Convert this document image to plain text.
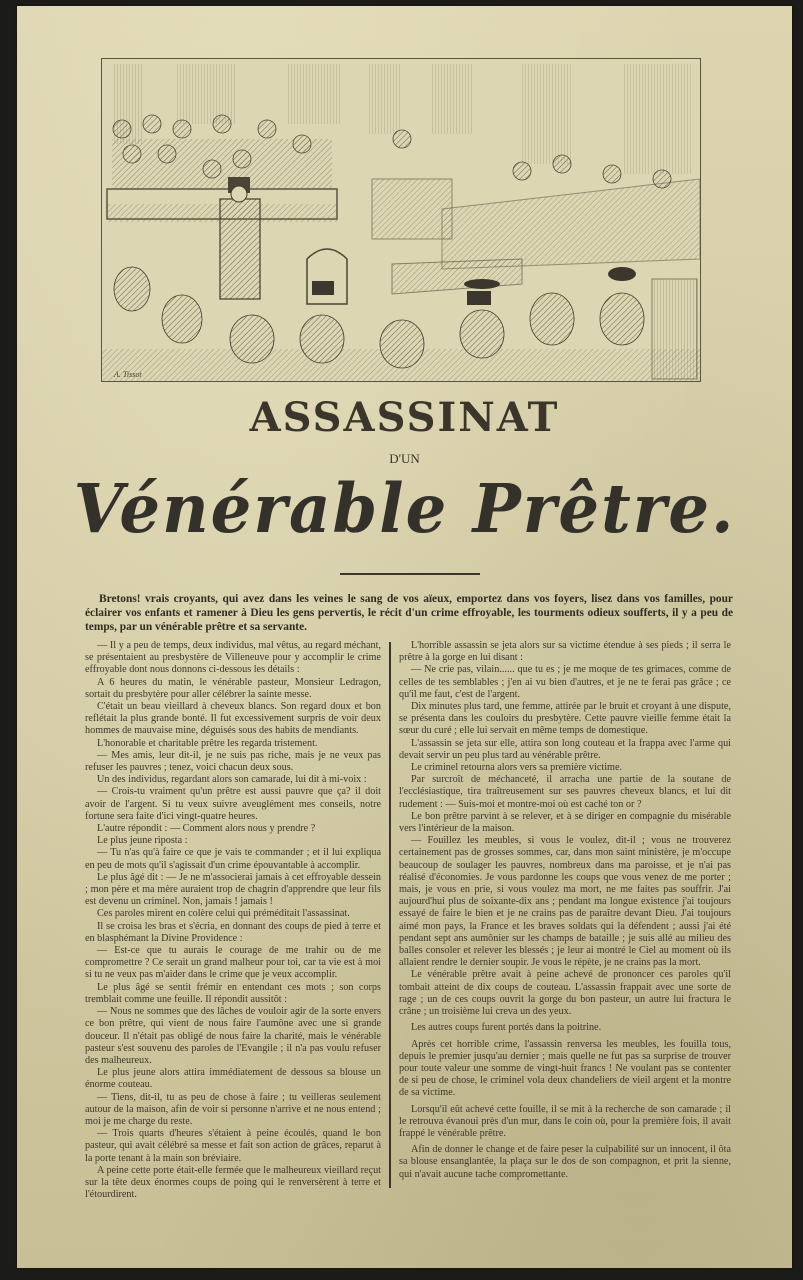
A. Tissot
ASSASSINAT
D'UN
Vénérable Prêtre.
Bretons! vrais croyants, qui avez dans les veines le sang de vos aïeux, emportez dans vos foyers, lisez dans vos familles, pour éclairer vos enfants et ramener à Dieu les gens pervertis, le récit d'un crime effroyable, les tourments odieux soufferts, il y a peu de temps, par un vénérable prêtre et sa servante.

— Il y a peu de temps, deux individus, mal vêtus, au regard méchant, se présentaient au presbystère de Villeneuve pour y accomplir le crime effroyable dont nous donnons ci-dessous les détails :

A 6 heures du matin, le vénérable pasteur, Monsieur Ledragon, sortait du presbytère pour aller célébrer la sainte messe.

C'était un beau vieillard à cheveux blancs. Son regard doux et bon reflétait la plus grande bonté. Il fut excessivement surpris de voir deux hommes de mauvaise mine, déguisés sous des habits de mendiants.

L'honorable et charitable prêtre les regarda tristement.

— Mes amis, leur dit-il, je ne suis pas riche, mais je ne veux pas refuser les pauvres ; tenez, voici chacun deux sous.

Un des individus, regardant alors son camarade, lui dit à mi-voix :

— Crois-tu vraiment qu'un prêtre est aussi pauvre que ça? il doit avoir de l'argent. Si tu veux suivre aveuglément mes conseils, notre fortune sera faite d'ici vingt-quatre heures.

L'autre répondit : — Comment alors nous y prendre ?

Le plus jeune riposta :

— Tu n'as qu'à faire ce que je vais te commander ; et il lui expliqua en peu de mots qu'il s'agissait d'un crime épouvantable à accomplir.

Le plus âgé dit : — Je ne m'associerai jamais à cet effroyable dessein ; mon père et ma mère auraient trop de chagrin d'apprendre que leur fils est devenu un criminel. Non, jamais ! jamais !

Ces paroles mirent en colère celui qui préméditait l'assassinat.

Il se croisa les bras et s'écria, en donnant des coups de pied à terre et en blasphémant la Divine Providence :

— Est-ce que tu aurais le courage de me trahir ou de me compromettre ? Ce serait un grand malheur pour toi, car ta vie est à moi si tu ne veux pas m'aider dans le crime que je veux accomplir.

Le plus âgé se sentit frémir en entendant ces mots ; son corps tremblait comme une feuille. Il répondit aussitôt :

— Nous ne sommes que des lâches de vouloir agir de la sorte envers ce bon prêtre, qui vient de nous faire l'aumône avec une si grande douceur. Il n'était pas obligé de nous faire la charité, mais le vénérable pasteur s'est souvenu des paroles de l'Evangile ; il n'a pas voulu refuser des malheureux.

Le plus jeune alors attira immédiatement de dessous sa blouse un énorme couteau.

— Tiens, dit-il, tu as peu de chose à faire ; tu veilleras seulement autour de la maison, afin de voir si personne n'arrive et ne nous entend ; moi je me charge du reste.

— Trois quarts d'heures s'étaient à peine écoulés, quand le bon pasteur, qui avait célébré sa messe et fait son action de grâces, reparut à la porte tenant à la main son bréviaire.

A peine cette porte était-elle fermée que le malheureux vieillard reçut sur la tête deux énormes coups de poing qui le renversèrent à terre et l'étourdirent.

L'horrible assassin se jeta alors sur sa victime étendue à ses pieds ; il serra le prêtre à la gorge en lui disant :

— Ne crie pas, vilain...... que tu es ; je me moque de tes grimaces, comme de celles de tes semblables ; j'en ai vu bien d'autres, et je ne te ferai pas grâce ; ce qu'il me faut, c'est de l'argent.

Dix minutes plus tard, une femme, attirée par le bruit et croyant à une dispute, se présenta dans les couloirs du presbytère. Cette pauvre vieille femme était la sœur du curé ; elle lui servait en même temps de domestique.

L'assassin se jeta sur elle, attira son long couteau et la frappa avec l'arme qui devait servir un peu plus tard au vénérable prêtre.

Le criminel retourna alors vers sa première victime.

Par surcroît de méchanceté, il arracha une partie de la soutane de l'ecclésiastique, tira traîtreusement sur ses pauvres cheveux blancs, et lui dit rudement : — Suis-moi et montre-moi où est caché ton or ?

Le bon prêtre parvint à se relever, et à se diriger en compagnie du misérable vers l'intérieur de la maison.

— Fouillez les meubles, si vous le voulez, dit-il ; vous ne trouverez certainement pas de grosses sommes, car, dans mon saint ministère, je m'occupe beaucoup de soulager les pauvres, nombreux dans ma paroisse, et je n'ai pas réalisé d'économies. Je vous pardonne les coups que vous venez de me porter ; mais, je vous en prie, si vous voulez ma mort, ne me faites pas souffrir. J'ai aujourd'hui plus de soixante-dix ans ; pendant ma longue existence j'ai toujours essayé de faire le bien et je ne crains pas de paraître devant Dieu. J'ai toujours aimé mon pays, la France et les braves soldats qui la défendent ; aussi j'ai été pendant sept ans aumônier sur les champs de bataille ; je suis allé au milieu des balles consoler et relever les blessés ; je leur ai montré le Ciel au moment où ils allaient rendre le dernier soupir. Je vous le répète, je ne crains pas la mort.

Le vénérable prêtre avait à peine achevé de prononcer ces paroles qu'il tombait atteint de dix coups de couteau. L'assassin frappait avec une sorte de rage ; un de ces coups ouvrit la gorge du bon pasteur, un autre lui fractura le crâne ; un troisième lui creva un des yeux.

Les autres coups furent portés dans la poitrine.

Après cet horrible crime, l'assassin renversa les meubles, les fouilla tous, depuis le premier jusqu'au dernier ; mais quelle ne fut pas sa surprise de trouver pour toute valeur une somme de vingt-huit francs ! Ne voulant pas se contenter de si peu de chose, le criminel vola deux chandeliers de vieil argent et la montre de sa victime.

Lorsqu'il eût achevé cette fouille, il se mit à la recherche de son camarade ; il le retrouva évanoui près d'un mur, dans le coin où, pour la première fois, il avait frappé le vénérable prêtre.

Afin de donner le change et de faire peser la culpabilité sur un innocent, il ôta sa blouse ensanglantée, la plaça sur le dos de son compagnon, et prit la sienne, qui n'avait aucune tache compromettante.
